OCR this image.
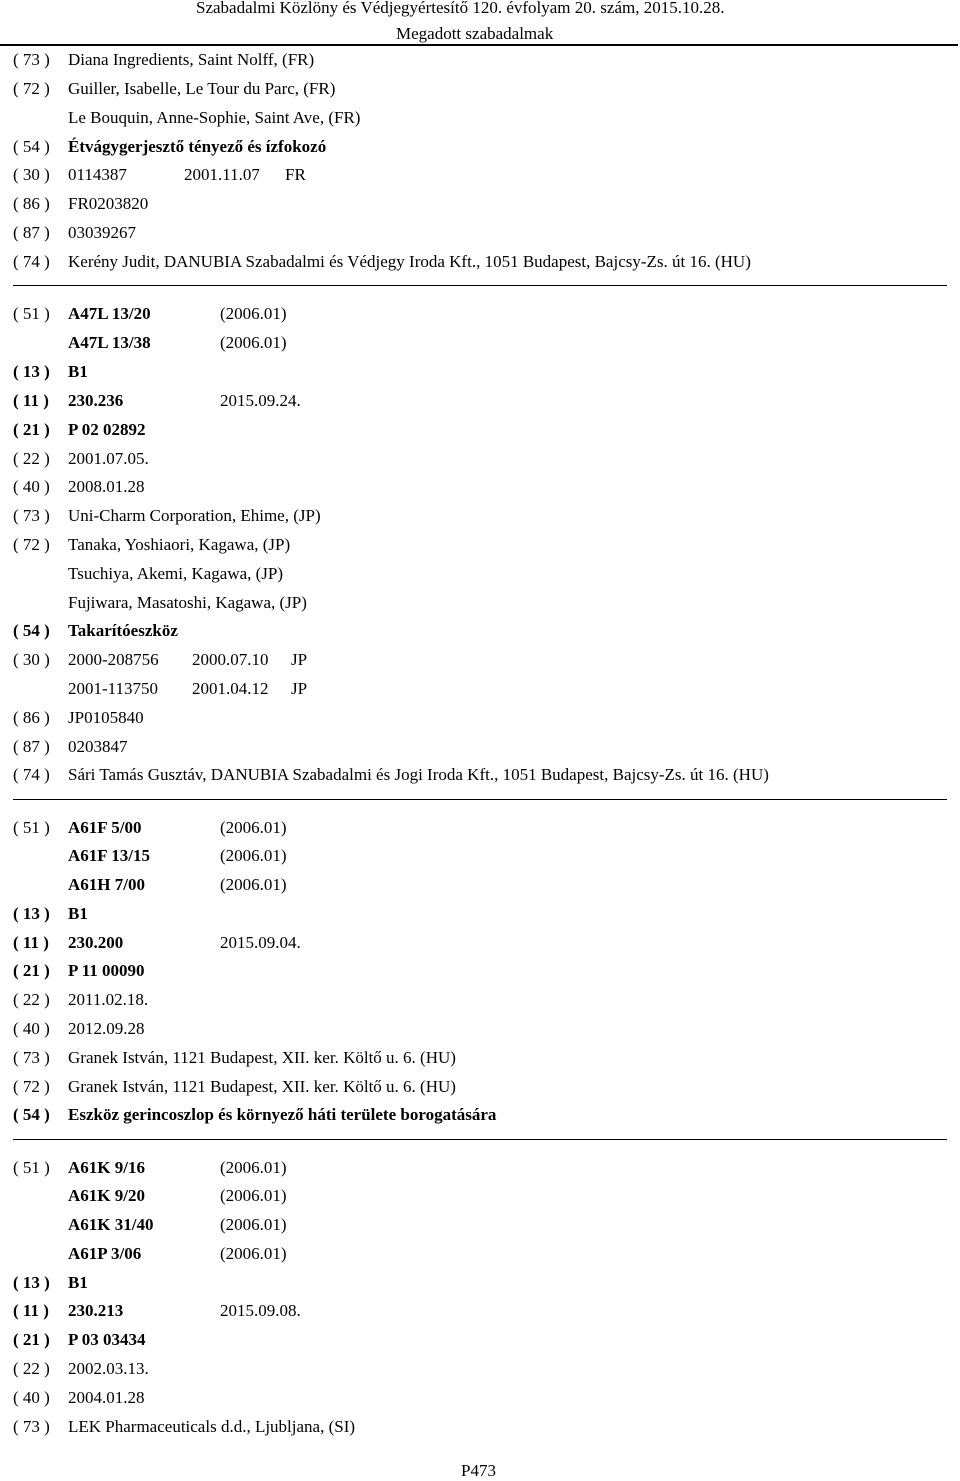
Szabadalmi Közlöny és Védjegyértesítő 120. évfolyam 20. szám, 2015.10.28.
Megadott szabadalmak
( 73 ) Diana Ingredients, Saint Nolff, (FR)
( 72 ) Guiller, Isabelle, Le Tour du Parc, (FR)
Le Bouquin, Anne-Sophie, Saint Ave, (FR)
( 54 ) Étvágygerjesztő tényező és ízfokozó
( 30 ) 0114387	2001.11.07 FR
( 86 ) FR0203820
( 87 ) 03039267
( 74 ) Kerény Judit, DANUBIA Szabadalmi és Védjegy Iroda Kft., 1051 Budapest, Bajcsy-Zs. út 16. (HU)
( 51 ) A47L 13/20	(2006.01)
A47L 13/38	(2006.01)
( 13 ) B1
( 11 ) 230.236	2015.09.24.
( 21 ) P 02 02892
( 22 ) 2001.07.05.
( 40 ) 2008.01.28
( 73 ) Uni-Charm Corporation, Ehime, (JP)
( 72 ) Tanaka, Yoshiaori, Kagawa, (JP)
Tsuchiya, Akemi, Kagawa, (JP)
Fujiwara, Masatoshi, Kagawa, (JP)
( 54 ) Takarítóeszköz
( 30 ) 2000-208756 2000.07.10 JP
2001-113750 2001.04.12 JP
( 86 ) JP0105840
( 87 ) 0203847
( 74 ) Sári Tamás Gusztáv, DANUBIA Szabadalmi és Jogi Iroda Kft., 1051 Budapest, Bajcsy-Zs. út 16. (HU)
( 51 ) A61F 5/00	(2006.01)
A61F 13/15	(2006.01)
A61H 7/00	(2006.01)
( 13 ) B1
( 11 ) 230.200	2015.09.04.
( 21 ) P 11 00090
( 22 ) 2011.02.18.
( 40 ) 2012.09.28
( 73 ) Granek István, 1121 Budapest, XII. ker. Költő u. 6. (HU)
( 72 ) Granek István, 1121 Budapest, XII. ker. Költő u. 6. (HU)
( 54 ) Eszköz gerincoszlop és környező háti területe borogatására
( 51 ) A61K 9/16	(2006.01)
A61K 9/20	(2006.01)
A61K 31/40	(2006.01)
A61P 3/06	(2006.01)
( 13 ) B1
( 11 ) 230.213	2015.09.08.
( 21 ) P 03 03434
( 22 ) 2002.03.13.
( 40 ) 2004.01.28
( 73 ) LEK Pharmaceuticals d.d., Ljubljana, (SI)
P473
